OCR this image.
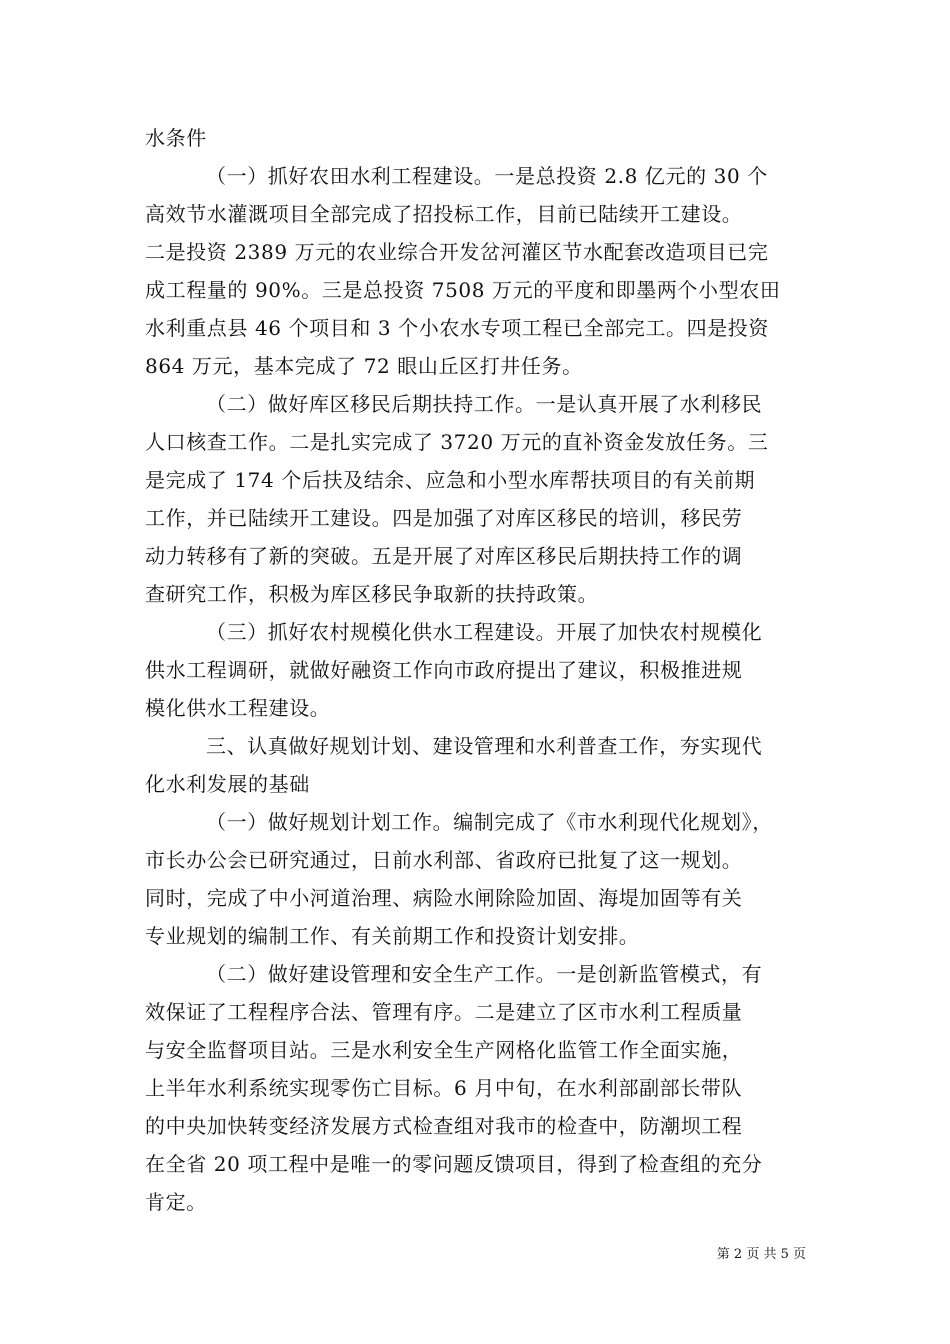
水条件
（一）抓好农田水利工程建设。一是总投资 2.8 亿元的 30 个
高效节水灌溉项目全部完成了招投标工作，目前已陆续开工建设。
二是投资 2389 万元的农业综合开发岔河灌区节水配套改造项目已完
成工程量的 90%。三是总投资 7508 万元的平度和即墨两个小型农田
水利重点县 46 个项目和 3 个小农水专项工程已全部完工。四是投资
864 万元，基本完成了 72 眼山丘区打井任务。
（二）做好库区移民后期扶持工作。一是认真开展了水利移民
人口核查工作。二是扎实完成了 3720 万元的直补资金发放任务。三
是完成了 174 个后扶及结余、应急和小型水库帮扶项目的有关前期
工作，并已陆续开工建设。四是加强了对库区移民的培训，移民劳
动力转移有了新的突破。五是开展了对库区移民后期扶持工作的调
查研究工作，积极为库区移民争取新的扶持政策。
（三）抓好农村规模化供水工程建设。开展了加快农村规模化
供水工程调研，就做好融资工作向市政府提出了建议，积极推进规
模化供水工程建设。
三、认真做好规划计划、建设管理和水利普查工作，夯实现代
化水利发展的基础
（一）做好规划计划工作。编制完成了《市水利现代化规划》，
市长办公会已研究通过，日前水利部、省政府已批复了这一规划。
同时，完成了中小河道治理、病险水闸除险加固、海堤加固等有关
专业规划的编制工作、有关前期工作和投资计划安排。
（二）做好建设管理和安全生产工作。一是创新监管模式，有
效保证了工程程序合法、管理有序。二是建立了区市水利工程质量
与安全监督项目站。三是水利安全生产网格化监管工作全面实施，
上半年水利系统实现零伤亡目标。6 月中旬，在水利部副部长带队
的中央加快转变经济发展方式检查组对我市的检查中，防潮坝工程
在全省 20 项工程中是唯一的零问题反馈项目，得到了检查组的充分
肯定。
第 2 页 共 5 页
